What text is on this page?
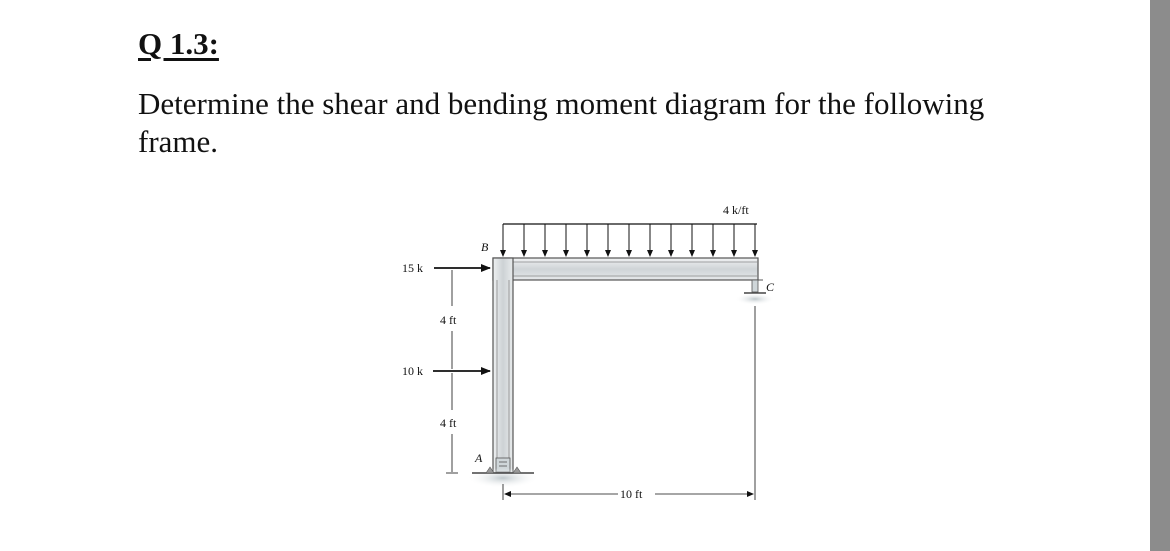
Q 1.3:

Determine the shear and bending moment diagram for the following frame.

4 k/ft
B
A
C
15 k
10 k
4 ft
4 ft
10 ft
